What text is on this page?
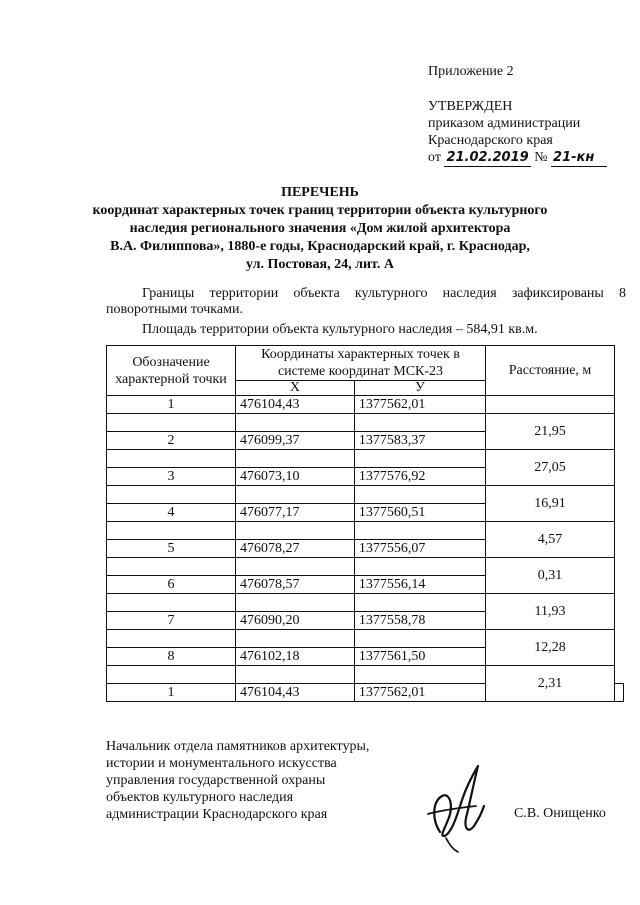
Приложение 2
УТВЕРЖДЕН
приказом администрации
Краснодарского края
от
21.02.2019
№
21-кн
ПЕРЕЧЕНЬ
координат характерных точек границ территории объекта культурного
наследия регионального значения «Дом жилой архитектора
В.А. Филиппова», 1880-е годы, Краснодарский край, г. Краснодар,
ул. Постовая, 24, лит. А
Границы территории объекта культурного наследия зафиксированы 8 поворотными точками.
Площадь территории объекта культурного наследия – 584,91 кв.м.
Обозначение характерной точки	Координаты характерных точек в системе координат МСК-23		Расстояние, м	
	X	У		
1	476104,43	1377562,01		
			21,95	
2	476099,37	1377583,37		
			27,05	
3	476073,10	1377576,92		
			16,91	
4	476077,17	1377560,51		
			4,57	
5	476078,27	1377556,07		
			0,31	
6	476078,57	1377556,14		
			11,93	
7	476090,20	1377558,78		
			12,28	
8	476102,18	1377561,50		
			2,31	
1	476104,43	1377562,01		
Начальник отдела памятников архитектуры,
истории и монументального искусства
управления государственной охраны
объектов культурного наследия
администрации Краснодарского края	С.В. Онищенко
